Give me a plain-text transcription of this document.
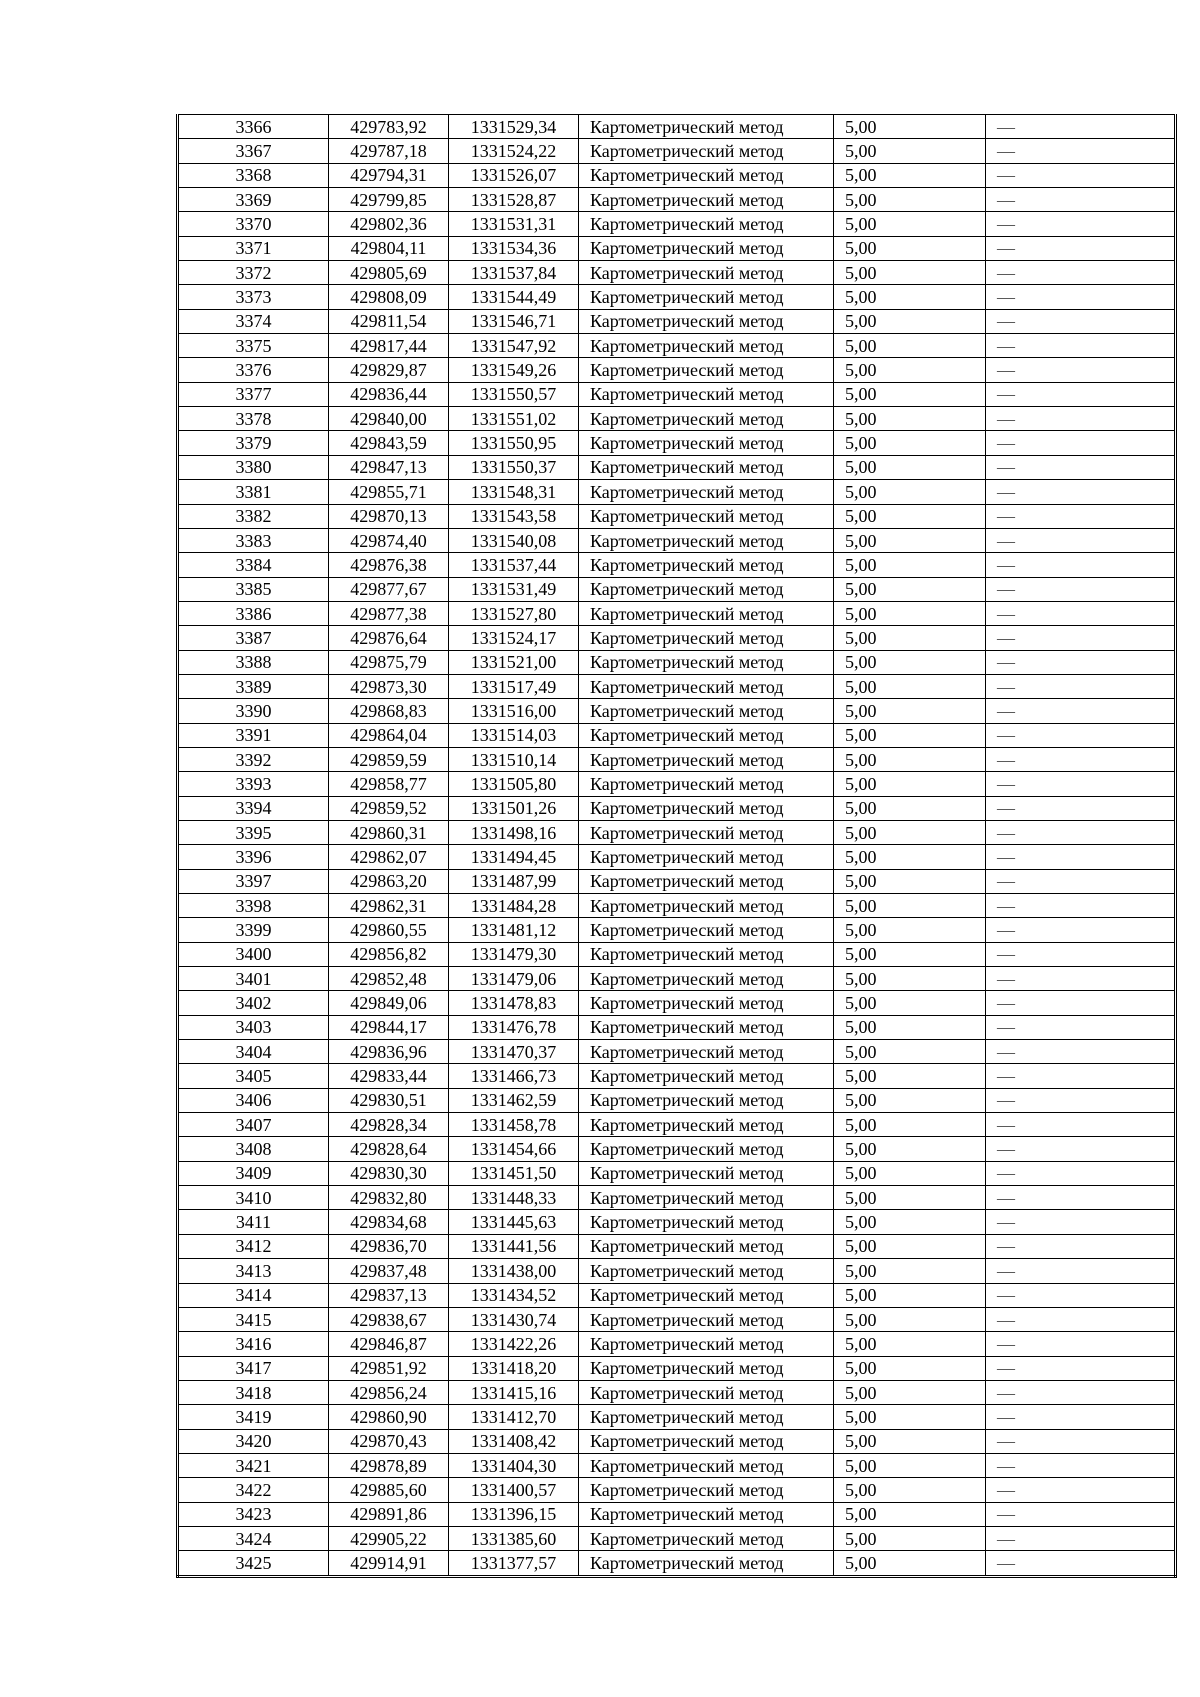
3366	429783,92	1331529,34	Картометрический метод	5,00	—
3367	429787,18	1331524,22	Картометрический метод	5,00	—
3368	429794,31	1331526,07	Картометрический метод	5,00	—
3369	429799,85	1331528,87	Картометрический метод	5,00	—
3370	429802,36	1331531,31	Картометрический метод	5,00	—
3371	429804,11	1331534,36	Картометрический метод	5,00	—
3372	429805,69	1331537,84	Картометрический метод	5,00	—
3373	429808,09	1331544,49	Картометрический метод	5,00	—
3374	429811,54	1331546,71	Картометрический метод	5,00	—
3375	429817,44	1331547,92	Картометрический метод	5,00	—
3376	429829,87	1331549,26	Картометрический метод	5,00	—
3377	429836,44	1331550,57	Картометрический метод	5,00	—
3378	429840,00	1331551,02	Картометрический метод	5,00	—
3379	429843,59	1331550,95	Картометрический метод	5,00	—
3380	429847,13	1331550,37	Картометрический метод	5,00	—
3381	429855,71	1331548,31	Картометрический метод	5,00	—
3382	429870,13	1331543,58	Картометрический метод	5,00	—
3383	429874,40	1331540,08	Картометрический метод	5,00	—
3384	429876,38	1331537,44	Картометрический метод	5,00	—
3385	429877,67	1331531,49	Картометрический метод	5,00	—
3386	429877,38	1331527,80	Картометрический метод	5,00	—
3387	429876,64	1331524,17	Картометрический метод	5,00	—
3388	429875,79	1331521,00	Картометрический метод	5,00	—
3389	429873,30	1331517,49	Картометрический метод	5,00	—
3390	429868,83	1331516,00	Картометрический метод	5,00	—
3391	429864,04	1331514,03	Картометрический метод	5,00	—
3392	429859,59	1331510,14	Картометрический метод	5,00	—
3393	429858,77	1331505,80	Картометрический метод	5,00	—
3394	429859,52	1331501,26	Картометрический метод	5,00	—
3395	429860,31	1331498,16	Картометрический метод	5,00	—
3396	429862,07	1331494,45	Картометрический метод	5,00	—
3397	429863,20	1331487,99	Картометрический метод	5,00	—
3398	429862,31	1331484,28	Картометрический метод	5,00	—
3399	429860,55	1331481,12	Картометрический метод	5,00	—
3400	429856,82	1331479,30	Картометрический метод	5,00	—
3401	429852,48	1331479,06	Картометрический метод	5,00	—
3402	429849,06	1331478,83	Картометрический метод	5,00	—
3403	429844,17	1331476,78	Картометрический метод	5,00	—
3404	429836,96	1331470,37	Картометрический метод	5,00	—
3405	429833,44	1331466,73	Картометрический метод	5,00	—
3406	429830,51	1331462,59	Картометрический метод	5,00	—
3407	429828,34	1331458,78	Картометрический метод	5,00	—
3408	429828,64	1331454,66	Картометрический метод	5,00	—
3409	429830,30	1331451,50	Картометрический метод	5,00	—
3410	429832,80	1331448,33	Картометрический метод	5,00	—
3411	429834,68	1331445,63	Картометрический метод	5,00	—
3412	429836,70	1331441,56	Картометрический метод	5,00	—
3413	429837,48	1331438,00	Картометрический метод	5,00	—
3414	429837,13	1331434,52	Картометрический метод	5,00	—
3415	429838,67	1331430,74	Картометрический метод	5,00	—
3416	429846,87	1331422,26	Картометрический метод	5,00	—
3417	429851,92	1331418,20	Картометрический метод	5,00	—
3418	429856,24	1331415,16	Картометрический метод	5,00	—
3419	429860,90	1331412,70	Картометрический метод	5,00	—
3420	429870,43	1331408,42	Картометрический метод	5,00	—
3421	429878,89	1331404,30	Картометрический метод	5,00	—
3422	429885,60	1331400,57	Картометрический метод	5,00	—
3423	429891,86	1331396,15	Картометрический метод	5,00	—
3424	429905,22	1331385,60	Картометрический метод	5,00	—
3425	429914,91	1331377,57	Картометрический метод	5,00	—
